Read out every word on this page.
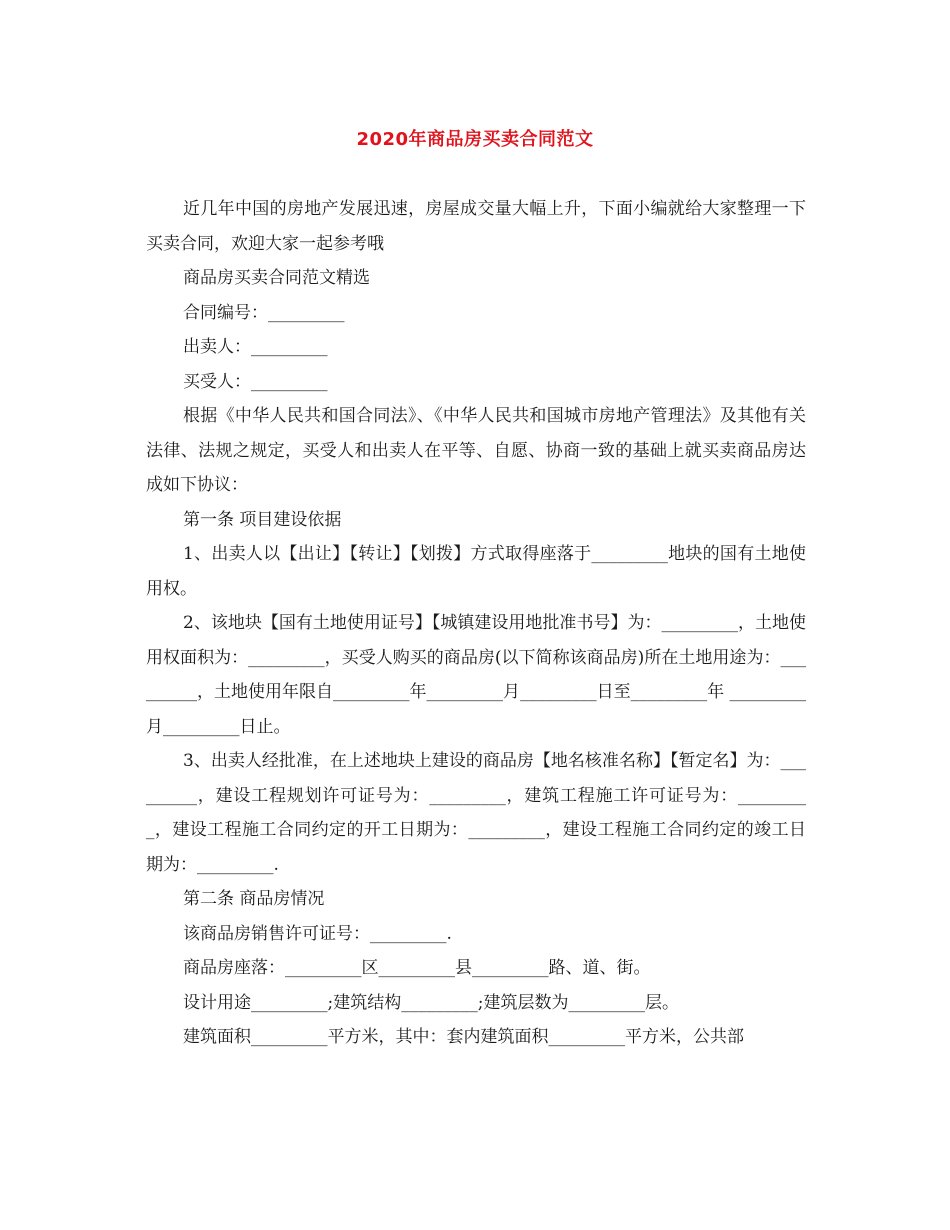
2020年商品房买卖合同范文

近几年中国的房地产发展迅速，房屋成交量大幅上升，下面小编就给大家整理一下买卖合同，欢迎大家一起参考哦

商品房买卖合同范文精选

合同编号：_________

出卖人：_________

买受人：_________

根据《中华人民共和国合同法》、《中华人民共和国城市房地产管理法》及其他有关法律、法规之规定，买受人和出卖人在平等、自愿、协商一致的基础上就买卖商品房达成如下协议：

第一条 项目建设依据

1、出卖人以【出让】【转让】【划拨】方式取得座落于_________地块的国有土地使用权。

2、该地块【国有土地使用证号】【城镇建设用地批准书号】为：_________，土地使用权面积为：_________，买受人购买的商品房(以下简称该商品房)所在土地用途为：_________，土地使用年限自_________年_________月_________日至_________年 _________月_________日止。

3、出卖人经批准，在上述地块上建设的商品房【地名核准名称】【暂定名】为：_________，建设工程规划许可证号为：_________，建筑工程施工许可证号为：_________，建设工程施工合同约定的开工日期为：_________，建设工程施工合同约定的竣工日期为：_________.

第二条 商品房情况

该商品房销售许可证号：_________.

商品房座落：_________区_________县_________路、道、街。

设计用途_________;建筑结构_________;建筑层数为_________层。

建筑面积_________平方米，其中：套内建筑面积_________平方米，公共部
